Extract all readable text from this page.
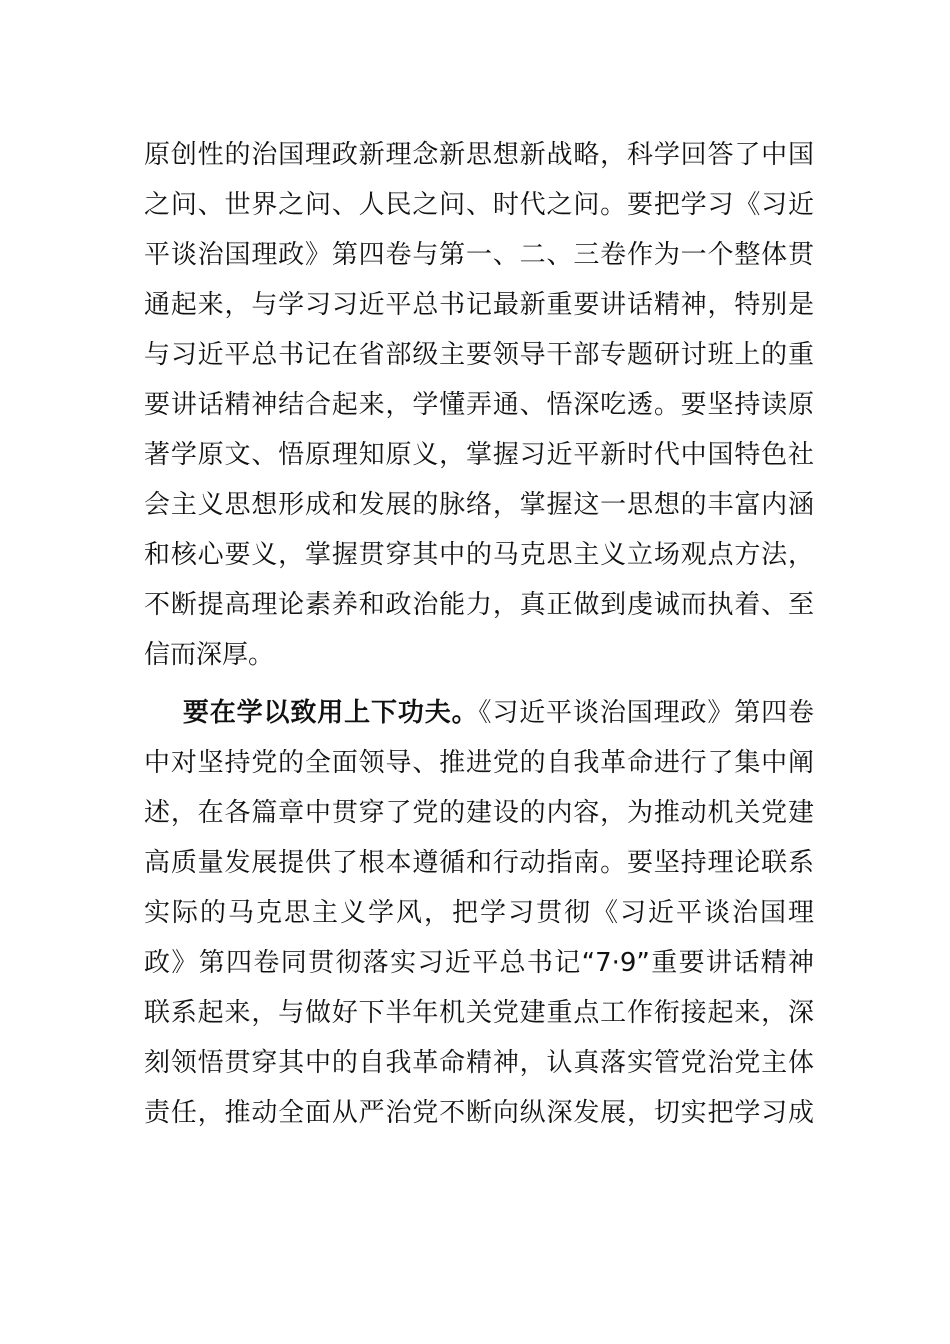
原创性的治国理政新理念新思想新战略，科学回答了中国
之问、世界之问、人民之问、时代之问。要把学习《习近
平谈治国理政》第四卷与第一、二、三卷作为一个整体贯
通起来，与学习习近平总书记最新重要讲话精神，特别是
与习近平总书记在省部级主要领导干部专题研讨班上的重
要讲话精神结合起来，学懂弄通、悟深吃透。要坚持读原
著学原文、悟原理知原义，掌握习近平新时代中国特色社
会主义思想形成和发展的脉络，掌握这一思想的丰富内涵
和核心要义，掌握贯穿其中的马克思主义立场观点方法，
不断提高理论素养和政治能力，真正做到虔诚而执着、至
信而深厚。
要在学以致用上下功夫。《习近平谈治国理政》第四卷
中对坚持党的全面领导、推进党的自我革命进行了集中阐
述，在各篇章中贯穿了党的建设的内容，为推动机关党建
高质量发展提供了根本遵循和行动指南。要坚持理论联系
实际的马克思主义学风，把学习贯彻《习近平谈治国理
政》第四卷同贯彻落实习近平总书记“7·9”重要讲话精神
联系起来，与做好下半年机关党建重点工作衔接起来，深
刻领悟贯穿其中的自我革命精神，认真落实管党治党主体
责任，推动全面从严治党不断向纵深发展，切实把学习成
